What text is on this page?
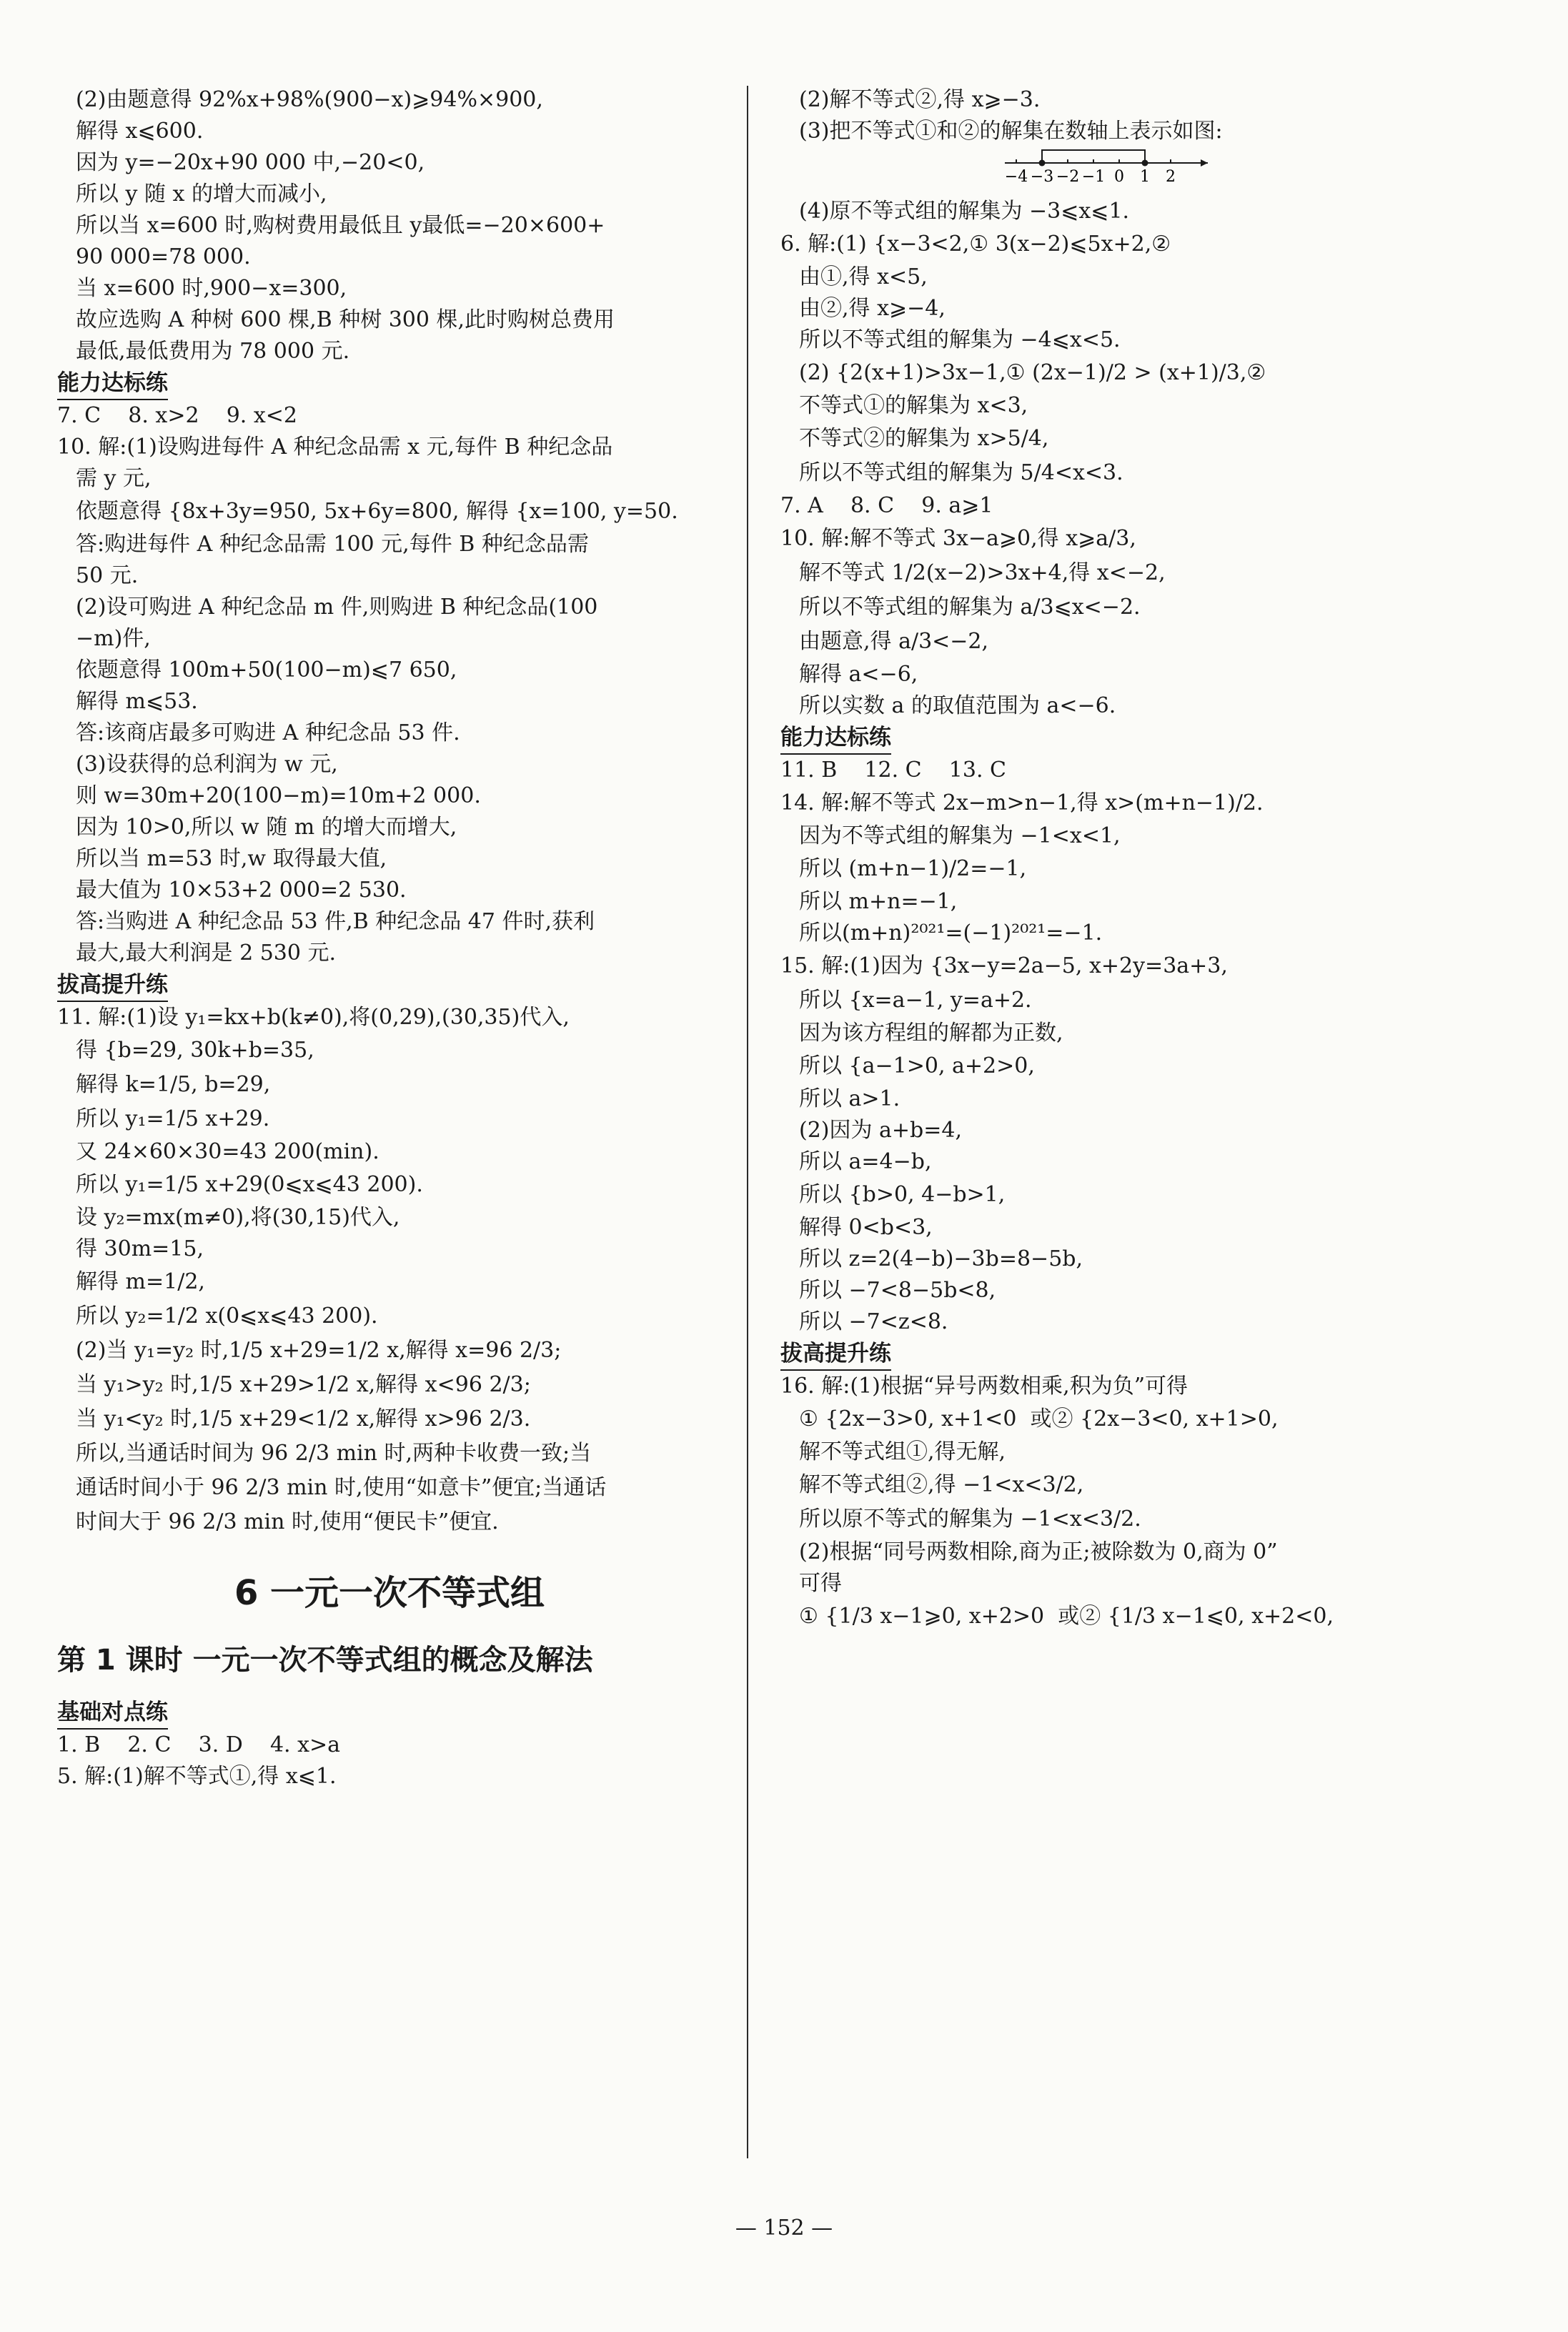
(2)由题意得 92%x+98%(900−x)⩾94%×900,

解得 x⩽600.

因为 y=−20x+90 000 中,−20<0,

所以 y 随 x 的增大而减小,

所以当 x=600 时,购树费用最低且 y最低=−20×600+

90 000=78 000.

当 x=600 时,900−x=300,

故应选购 A 种树 600 棵,B 种树 300 棵,此时购树总费用

最低,最低费用为 78 000 元.

能力达标练

7. C    8. x>2    9. x<2

10. 解:(1)设购进每件 A 种纪念品需 x 元,每件 B 种纪念品

需 y 元,

依题意得 {8x+3y=950, 5x+6y=800, 解得 {x=100, y=50.

答:购进每件 A 种纪念品需 100 元,每件 B 种纪念品需

50 元.

(2)设可购进 A 种纪念品 m 件,则购进 B 种纪念品(100

−m)件,

依题意得 100m+50(100−m)⩽7 650,

解得 m⩽53.

答:该商店最多可购进 A 种纪念品 53 件.

(3)设获得的总利润为 w 元,

则 w=30m+20(100−m)=10m+2 000.

因为 10>0,所以 w 随 m 的增大而增大,

所以当 m=53 时,w 取得最大值,

最大值为 10×53+2 000=2 530.

答:当购进 A 种纪念品 53 件,B 种纪念品 47 件时,获利

最大,最大利润是 2 530 元.

拔高提升练

11. 解:(1)设 y₁=kx+b(k≠0),将(0,29),(30,35)代入,

得 {b=29, 30k+b=35,

解得 k=1/5, b=29,

所以 y₁=1/5 x+29.

又 24×60×30=43 200(min).

所以 y₁=1/5 x+29(0⩽x⩽43 200).

设 y₂=mx(m≠0),将(30,15)代入,

得 30m=15,

解得 m=1/2,

所以 y₂=1/2 x(0⩽x⩽43 200).

(2)当 y₁=y₂ 时,1/5 x+29=1/2 x,解得 x=96 2/3;

当 y₁>y₂ 时,1/5 x+29>1/2 x,解得 x<96 2/3;

当 y₁<y₂ 时,1/5 x+29<1/2 x,解得 x>96 2/3.

所以,当通话时间为 96 2/3 min 时,两种卡收费一致;当

通话时间小于 96 2/3 min 时,使用“如意卡”便宜;当通话

时间大于 96 2/3 min 时,使用“便民卡”便宜.

6 一元一次不等式组
第 1 课时 一元一次不等式组的概念及解法
基础对点练

1. B    2. C    3. D    4. x>a

5. 解:(1)解不等式①,得 x⩽1.

(2)解不等式②,得 x⩾−3.

(3)把不等式①和②的解集在数轴上表示如图:

−4 −3 −2 −1 0 1 2

(4)原不等式组的解集为 −3⩽x⩽1.

6. 解:(1) {x−3<2,① 3(x−2)⩽5x+2,②

由①,得 x<5,

由②,得 x⩾−4,

所以不等式组的解集为 −4⩽x<5.

(2) {2(x+1)>3x−1,① (2x−1)/2 > (x+1)/3,②

不等式①的解集为 x<3,

不等式②的解集为 x>5/4,

所以不等式组的解集为 5/4<x<3.

7. A    8. C    9. a⩾1

10. 解:解不等式 3x−a⩾0,得 x⩾a/3,

解不等式 1/2(x−2)>3x+4,得 x<−2,

所以不等式组的解集为 a/3⩽x<−2.

由题意,得 a/3<−2,

解得 a<−6,

所以实数 a 的取值范围为 a<−6.

能力达标练

11. B    12. C    13. C

14. 解:解不等式 2x−m>n−1,得 x>(m+n−1)/2.

因为不等式组的解集为 −1<x<1,

所以 (m+n−1)/2=−1,

所以 m+n=−1,

所以(m+n)²⁰²¹=(−1)²⁰²¹=−1.

15. 解:(1)因为 {3x−y=2a−5, x+2y=3a+3,

所以 {x=a−1, y=a+2.

因为该方程组的解都为正数,

所以 {a−1>0, a+2>0,

所以 a>1.

(2)因为 a+b=4,

所以 a=4−b,

所以 {b>0, 4−b>1,

解得 0<b<3,

所以 z=2(4−b)−3b=8−5b,

所以 −7<8−5b<8,

所以 −7<z<8.

拔高提升练

16. 解:(1)根据“异号两数相乘,积为负”可得

① {2x−3>0, x+1<0  或② {2x−3<0, x+1>0,

解不等式组①,得无解,

解不等式组②,得 −1<x<3/2,

所以原不等式的解集为 −1<x<3/2.

(2)根据“同号两数相除,商为正;被除数为 0,商为 0”

可得

① {1/3 x−1⩾0, x+2>0  或② {1/3 x−1⩽0, x+2<0,

— 152 —
